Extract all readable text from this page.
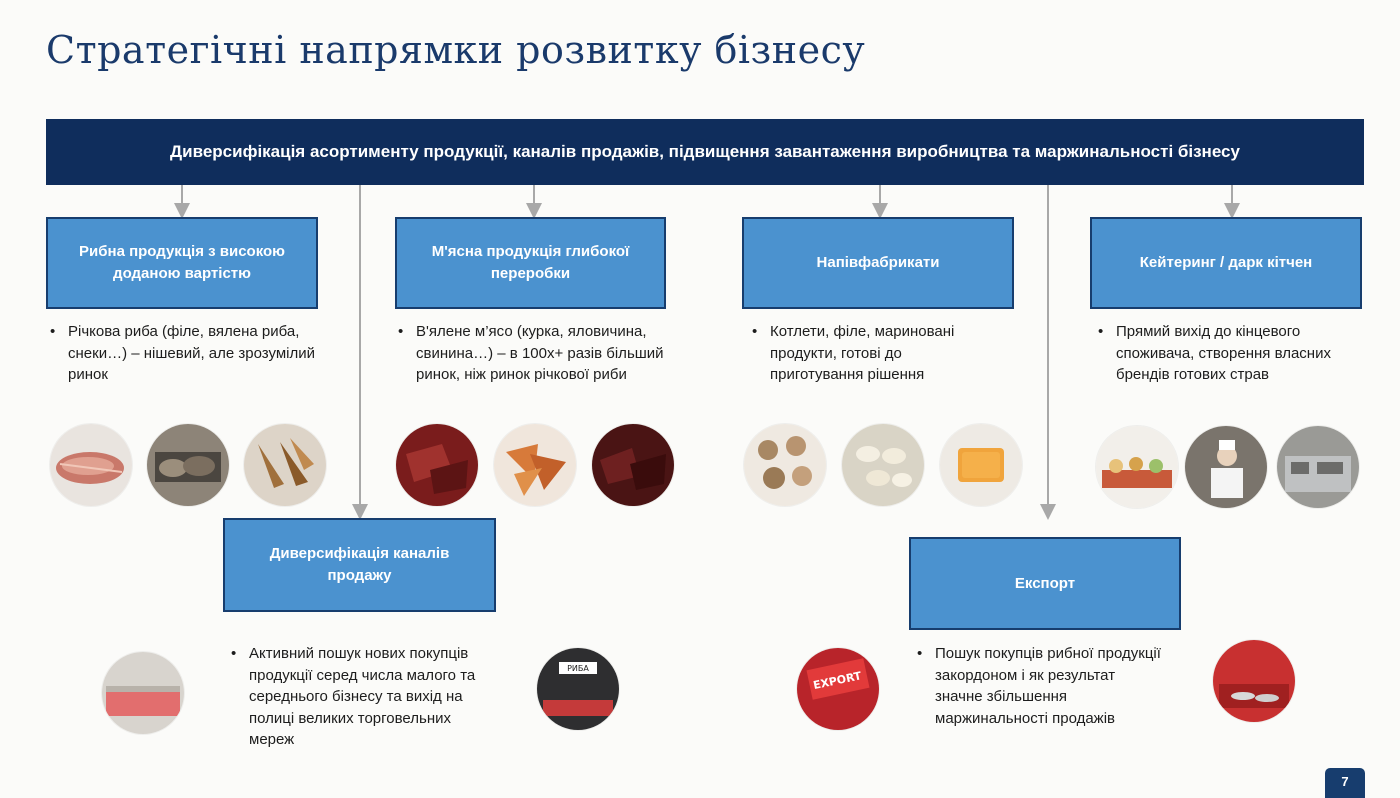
Стратегічні напрямки розвитку бізнесу
Диверсифікація асортименту продукції, каналів продажів, підвищення завантаження виробництва та маржинальності бізнесу
Рибна продукція з високою доданою вартістю
М'ясна продукція глибокої переробки
Напівфабрикати	Кейтеринг / дарк кітчен
• Річкова риба (філе, вялена риба, снеки…) – нішевий, але зрозумілий ринок
• В'ялене м’ясо (курка, яловичина, свинина…) – в 100х+ разів більший ринок, ніж ринок річкової риби
• Котлети, філе, мариновані продукти, готові до приготування рішення
• Прямий вихід до кінцевого споживача, створення власних брендів готових страв
Диверсифікація каналів продажу	Експорт
• Активний пошук нових покупців продукції серед числа малого та середнього бізнесу та вихід на полиці великих торговельних мереж
• Пошук покупців рибної продукції закордоном і як результат значне збільшення маржинальності продажів
РИБА
EXPORT
7
